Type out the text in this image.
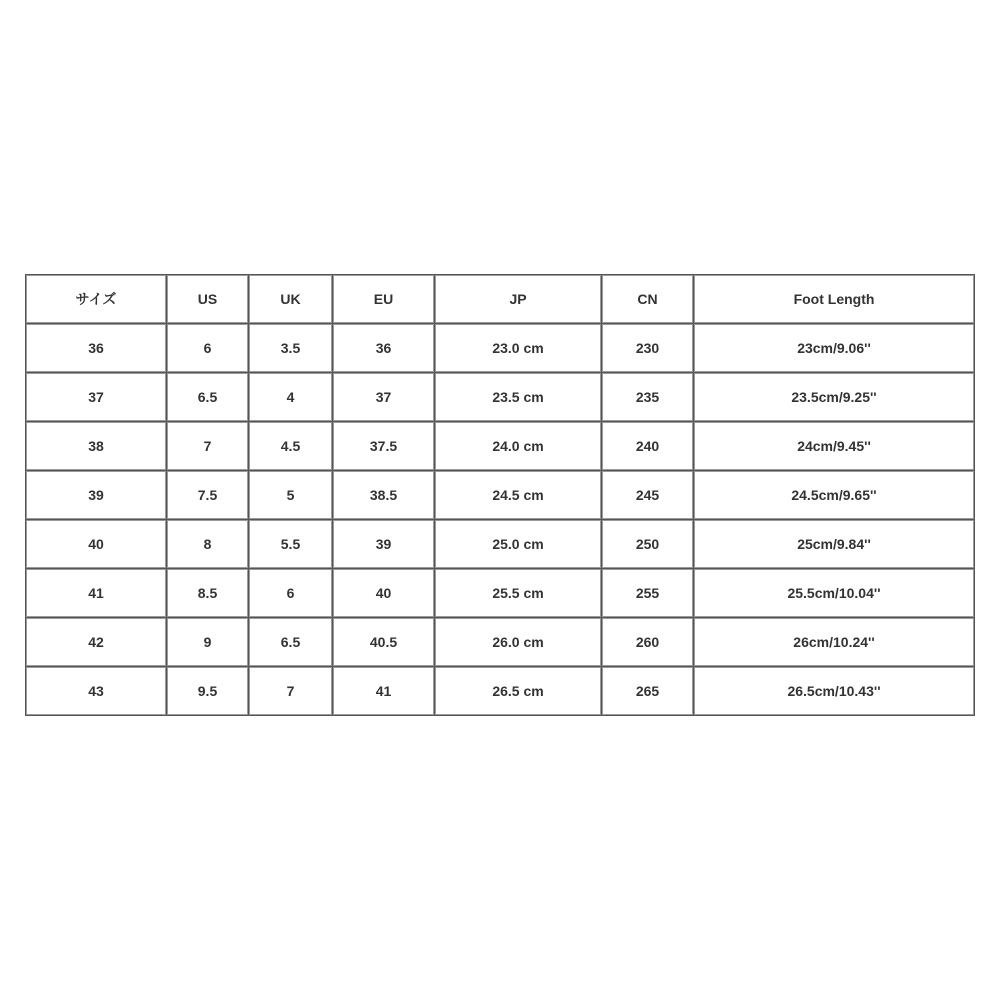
サイズ	US	UK	EU	JP	CN	Foot Length
36	6	3.5	36	23.0 cm	230	23cm/9.06''
37	6.5	4	37	23.5 cm	235	23.5cm/9.25''
38	7	4.5	37.5	24.0 cm	240	24cm/9.45''
39	7.5	5	38.5	24.5 cm	245	24.5cm/9.65''
40	8	5.5	39	25.0 cm	250	25cm/9.84''
41	8.5	6	40	25.5 cm	255	25.5cm/10.04''
42	9	6.5	40.5	26.0 cm	260	26cm/10.24''
43	9.5	7	41	26.5 cm	265	26.5cm/10.43''
